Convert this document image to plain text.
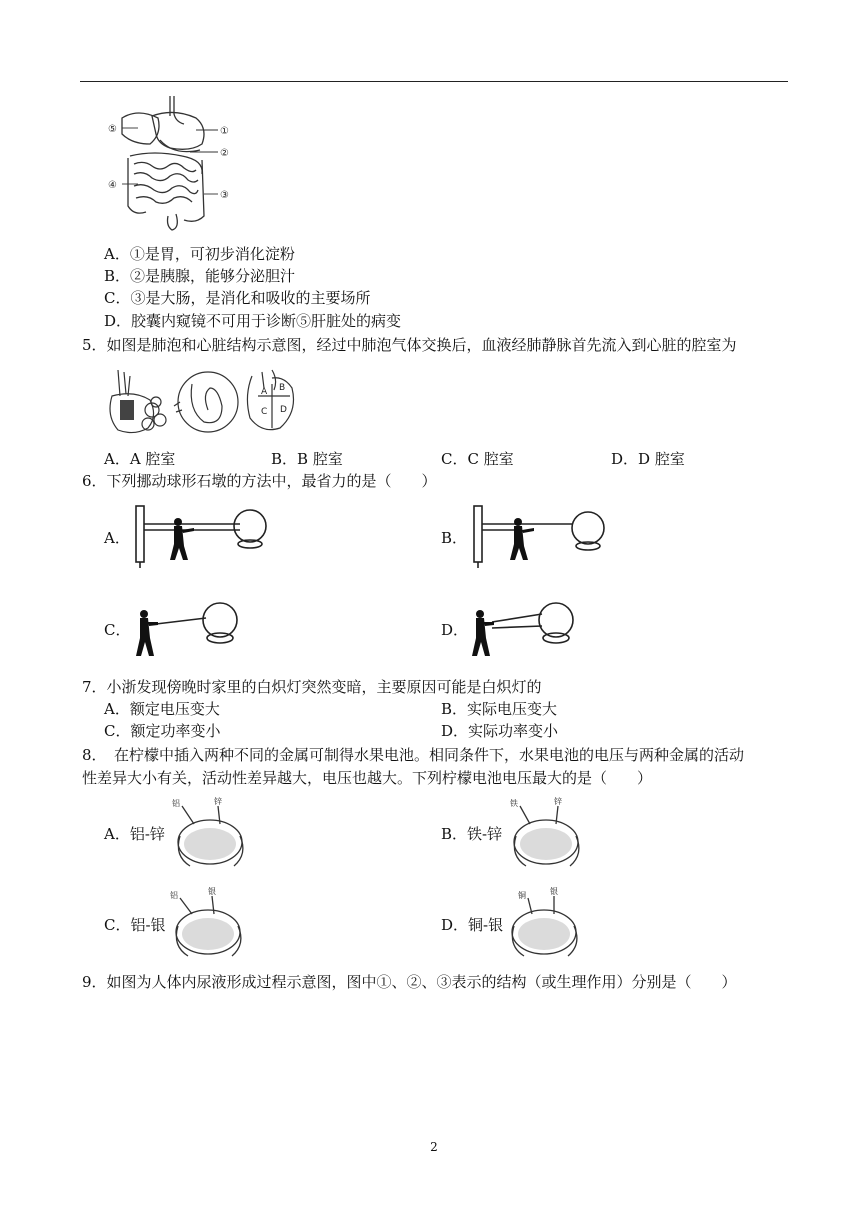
⑤	①
②
④
③
A．①是胃，可初步消化淀粉
B．②是胰腺，能够分泌胆汁
C．③是大肠，是消化和吸收的主要场所
D．胶囊内窥镜不可用于诊断⑤肝脏处的病变
5．如图是肺泡和心脏结构示意图，经过中肺泡气体交换后，血液经肺静脉首先流入到心脏的腔室为
A B
C D
A．A 腔室	B．B 腔室	C．C 腔室	D．D 腔室
6．下列挪动球形石墩的方法中，最省力的是（　　）
A．	B．
C．	D．
7．小浙发现傍晚时家里的白炽灯突然变暗，主要原因可能是白炽灯的
A．额定电压变大	B．实际电压变大
C．额定功率变小	D．实际功率变小
8．　在柠檬中插入两种不同的金属可制得水果电池。相同条件下，水果电池的电压与两种金属的活动
性差异大小有关，活动性差异越大，电压也越大。下列柠檬电池电压最大的是（　　）
A．铝-锌
铝	锌
B．铁-锌
铁	锌
C．铝-银
铝	银
D．铜-银
铜	银
9．如图为人体内尿液形成过程示意图，图中①、②、③表示的结构（或生理作用）分别是（　　）
2
